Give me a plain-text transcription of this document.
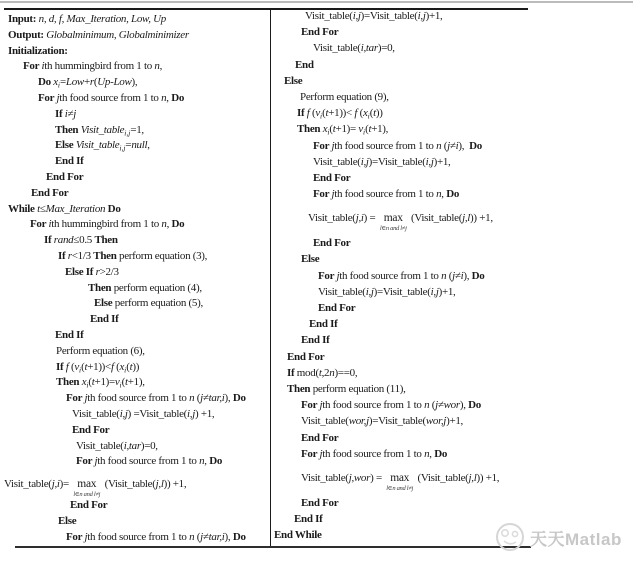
Input: n, d, f, Max_Iteration, Low, Up
Output: Globalminimum, Globalminimizer
Initialization:
For ith hummingbird from 1 to n,
Do $x_i=Low+r(Up-Low)$,
For jth food source from 1 to n, Do
If i≠j
Then Visit_table$_{i,j}$=1,
Else Visit_table$_{i,j}$=null,
End If
End For
End For
While t≤Max_Iteration Do
For ith hummingbird from 1 to n, Do
If rand≤0.5 Then
If r<1/3 Then perform equation (3),
Else If r>2/3
Then perform equation (4),
Else perform equation (5),
End If
End If
Perform equation (6),
If f $(v_i(t+1))<f$ $(x_i(t))$
Then $x_i(t+1)=v_i(t+1)$,
For jth food source from 1 to n (j≠tar,i), Do
Visit_table(i,j) =Visit_table(i,j) +1,
End For
Visit_table(i,tar)=0,
For jth food source from 1 to n, Do
Visit_table(j,i)= max
l∈n and l≠j
(Visit_table(j,l)) +1,
End For
Else
For jth food source from 1 to n (j≠tar,i), Do
Visit_table(i,j)=Visit_table(i,j)+1,
End For
Visit_table(i,tar)=0,
End
Else
Perform equation (9),
If f $(v_i(t+1))< f$ $(x_i(t))$
Then $x_i(t+1)= v_i(t+1)$,
For jth food source from 1 to n (j≠i),  Do
Visit_table(i,j)=Visit_table(i,j)+1,
End For
For jth food source from 1 to n, Do
Visit_table(j,i) = max
l∈n and l≠j
(Visit_table(j,l)) +1,
End For
Else
For jth food source from 1 to n (j≠i), Do
Visit_table(i,j)=Visit_table(i,j)+1,
End For
End If
End If
End For
If mod(t,2n)==0,
Then perform equation (11),
For jth food source from 1 to n (j≠wor), Do
Visit_table(wor,j)=Visit_table(wor,j)+1,
End For
For jth food source from 1 to n, Do
Visit_table(j,wor) = max
l∈n and l≠j
(Visit_table(j,l)) +1,
End For
End If
End While	天天Matlab
